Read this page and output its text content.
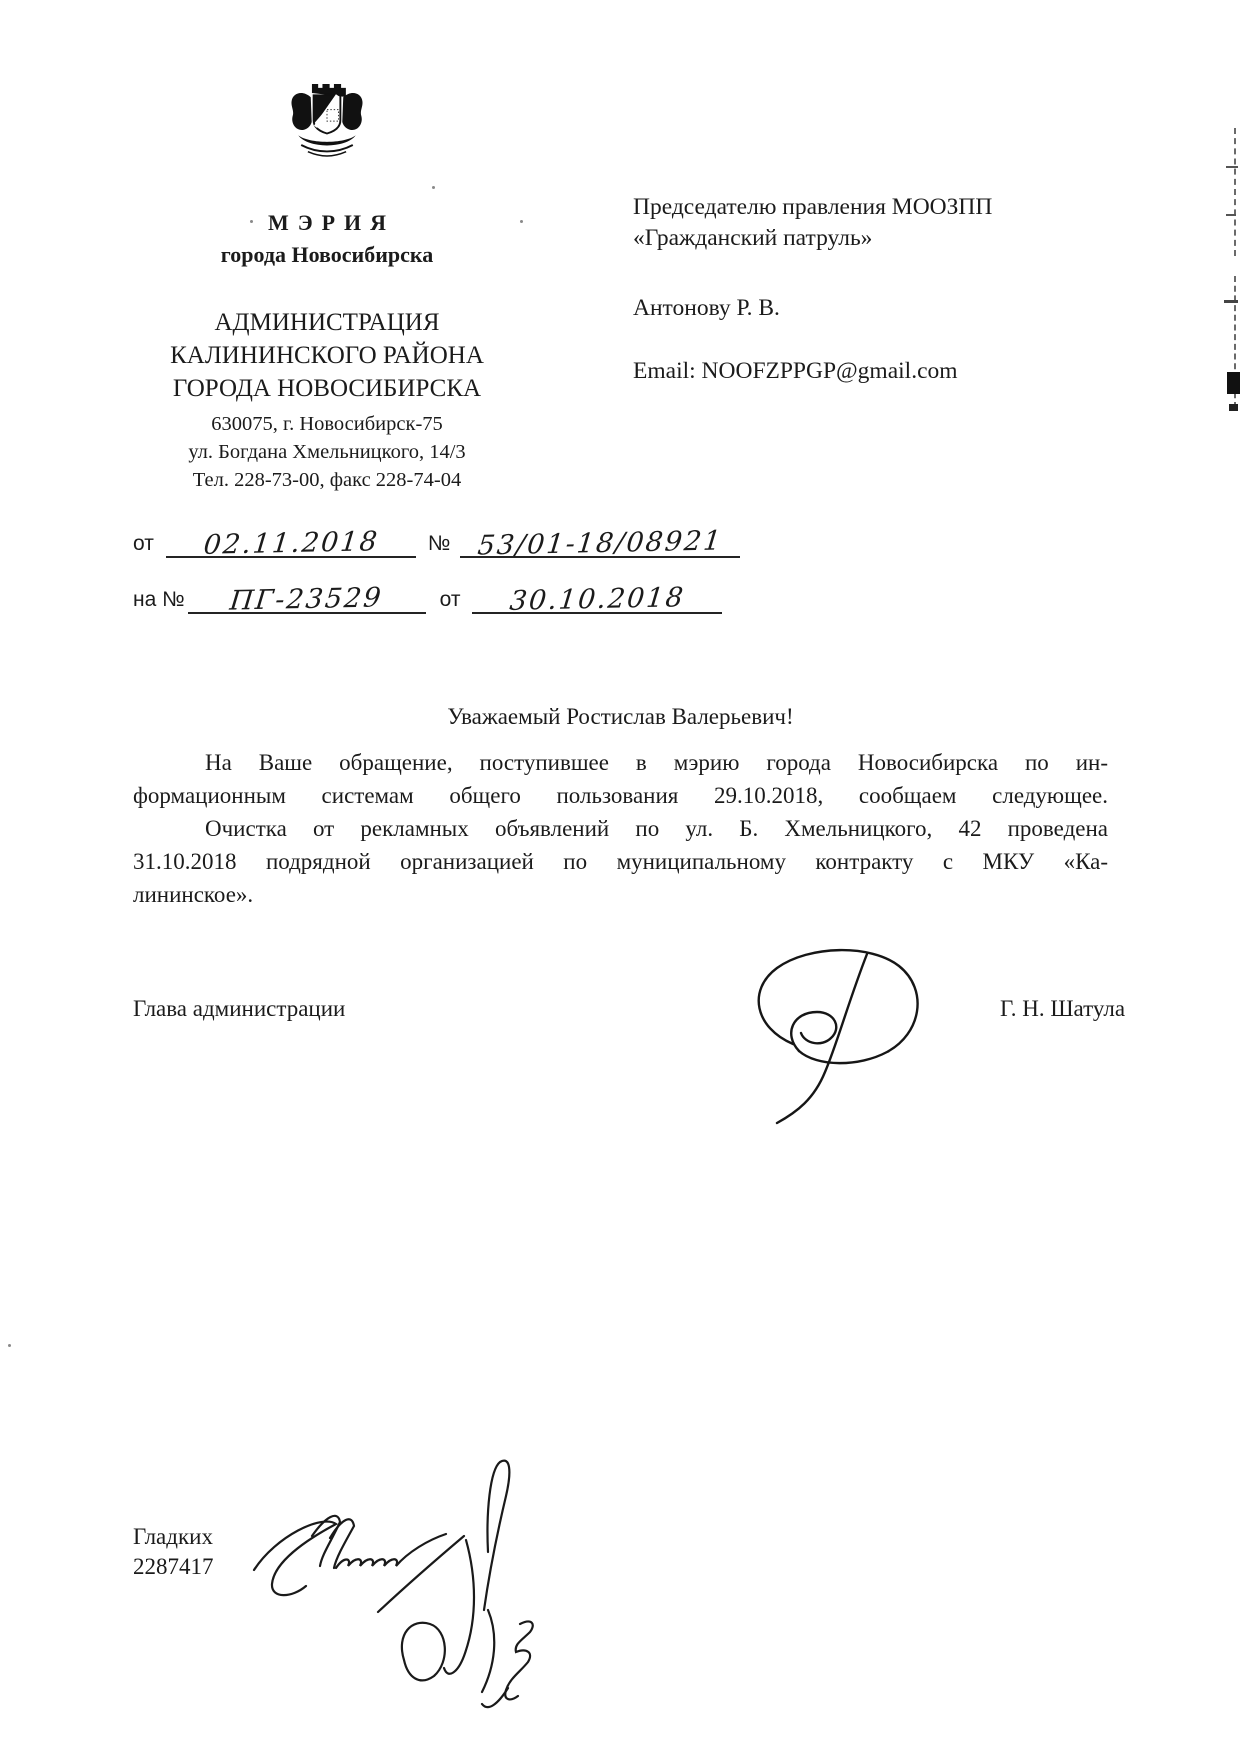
МЭРИЯ
города Новосибирска
АДМИНИСТРАЦИЯ
КАЛИНИНСКОГО РАЙОНА
ГОРОДА НОВОСИБИРСКА
630075, г. Новосибирск-75
ул. Богдана Хмельницкого, 14/3
Тел. 228-73-00, факс 228-74-04
Председателю правления МООЗПП
«Гражданский патруль»
Антонову Р. В.
Email: NOOFZPPGP@gmail.com
от	02.11.2018	№ 53/01-18/08921
на №	ПГ-23529	от	30.10.2018
Уважаемый Ростислав Валерьевич!
На Ваше обращение, поступившее в мэрию города Новосибирска по ин-
формационным системам общего пользования 29.10.2018, сообщаем следующее.
Очистка от рекламных объявлений по ул. Б. Хмельницкого, 42 проведена
31.10.2018 подрядной организацией по муниципальному контракту с МКУ «Ка-
лининское».
Глава администрации	Г. Н. Шатула
Гладких
2287417
